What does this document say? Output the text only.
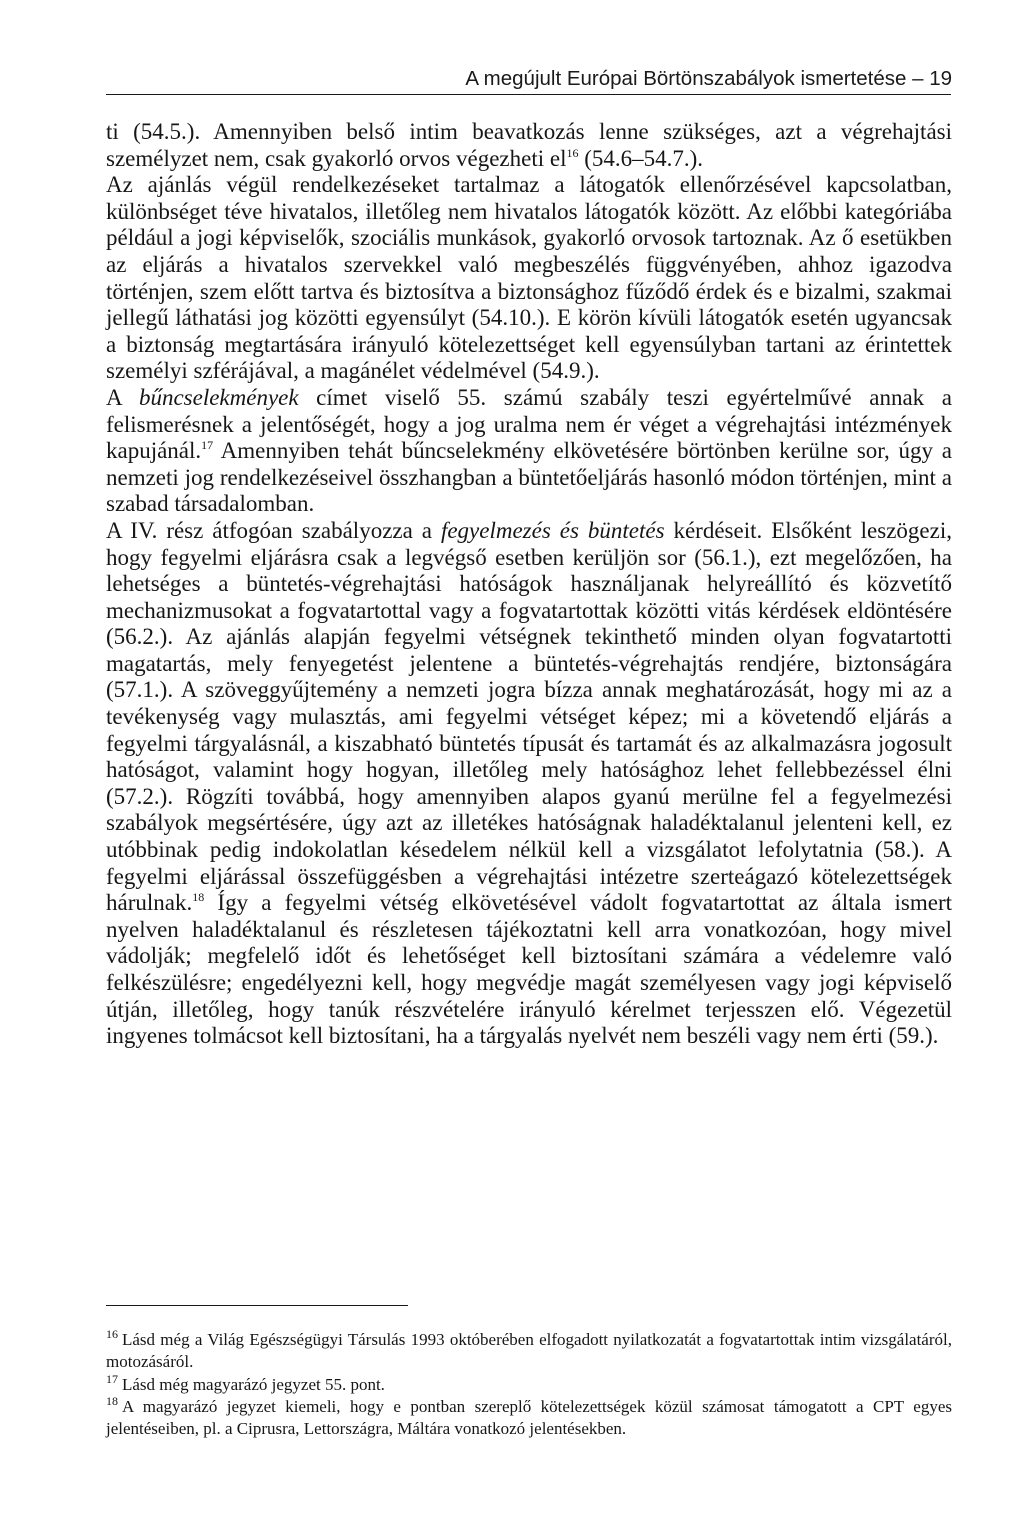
A megújult Európai Börtönszabályok ismertetése – 19

ti (54.5.). Amennyiben belső intim beavatkozás lenne szükséges, azt a végrehajtási személyzet nem, csak gyakorló orvos végezheti $el^{16}$ (54.6–54.7.).

Az ajánlás végül rendelkezéseket tartalmaz a látogatók ellenőrzésével kapcsolatban, különbséget téve hivatalos, illetőleg nem hivatalos látogatók között. Az előbbi kategóriába például a jogi képviselők, szociális munkások, gyakorló orvosok tartoznak. Az ő esetükben az eljárás a hivatalos szervekkel való megbeszélés függvényében, ahhoz igazodva történjen, szem előtt tartva és biztosítva a biztonsághoz fűződő érdek és e bizalmi, szakmai jellegű láthatási jog közötti egyensúlyt (54.10.). E körön kívüli látogatók esetén ugyancsak a biztonság megtartására irányuló kötelezettséget kell egyensúlyban tartani az érintettek személyi szférájával, a magánélet védelmével (54.9.).

A bűncselekmények címet viselő 55. számú szabály teszi egyértelművé annak a felismerésnek a jelentőségét, hogy a jog uralma nem ér véget a végrehajtási intézmények kapujánál.$^{17}$ Amennyiben tehát bűncselekmény elkövetésére börtönben kerülne sor, úgy a nemzeti jog rendelkezéseivel összhangban a büntetőeljárás hasonló módon történjen, mint a szabad társadalomban.

A IV. rész átfogóan szabályozza a fegyelmezés és büntetés kérdéseit. Elsőként leszögezi, hogy fegyelmi eljárásra csak a legvégső esetben kerüljön sor (56.1.), ezt megelőzően, ha lehetséges a büntetés-végrehajtási hatóságok használjanak helyreállító és közvetítő mechanizmusokat a fogvatartottal vagy a fogvatartottak közötti vitás kérdések eldöntésére (56.2.). Az ajánlás alapján fegyelmi vétségnek tekinthető minden olyan fogvatartotti magatartás, mely fenyegetést jelentene a büntetés-végrehajtás rendjére, biztonságára (57.1.). A szöveggyűjtemény a nemzeti jogra bízza annak meghatározását, hogy mi az a tevékenység vagy mulasztás, ami fegyelmi vétséget képez; mi a követendő eljárás a fegyelmi tárgyalásnál, a kiszabható büntetés típusát és tartamát és az alkalmazásra jogosult hatóságot, valamint hogy hogyan, illetőleg mely hatósághoz lehet fellebbezéssel élni (57.2.). Rögzíti továbbá, hogy amennyiben alapos gyanú merülne fel a fegyelmezési szabályok megsértésére, úgy azt az illetékes hatóságnak haladéktalanul jelenteni kell, ez utóbbinak pedig indokolatlan késedelem nélkül kell a vizsgálatot lefolytatnia (58.). A fegyelmi eljárással összefüggésben a végrehajtási intézetre szerteágazó kötelezettségek hárulnak.$^{18}$ Így a fegyelmi vétség elkövetésével vádolt fogvatartottat az általa ismert nyelven haladéktalanul és részletesen tájékoztatni kell arra vonatkozóan, hogy mivel vádolják; megfelelő időt és lehetőséget kell biztosítani számára a védelemre való felkészülésre; engedélyezni kell, hogy megvédje magát személyesen vagy jogi képviselő útján, illetőleg, hogy tanúk részvételére irányuló kérelmet terjesszen elő. Végezetül ingyenes tolmácsot kell biztosítani, ha a tárgyalás nyelvét nem beszéli vagy nem érti (59.).

$^{16}$ Lásd még a Világ Egészségügyi Társulás 1993 októberében elfogadott nyilatkozatát a fogvatartottak intim vizsgálatáról, motozásáról.

$^{17}$ Lásd még magyarázó jegyzet 55. pont.

$^{18}$ A magyarázó jegyzet kiemeli, hogy e pontban szereplő kötelezettségek közül számosat támogatott a CPT egyes jelentéseiben, pl. a Ciprusra, Lettországra, Máltára vonatkozó jelentésekben.
